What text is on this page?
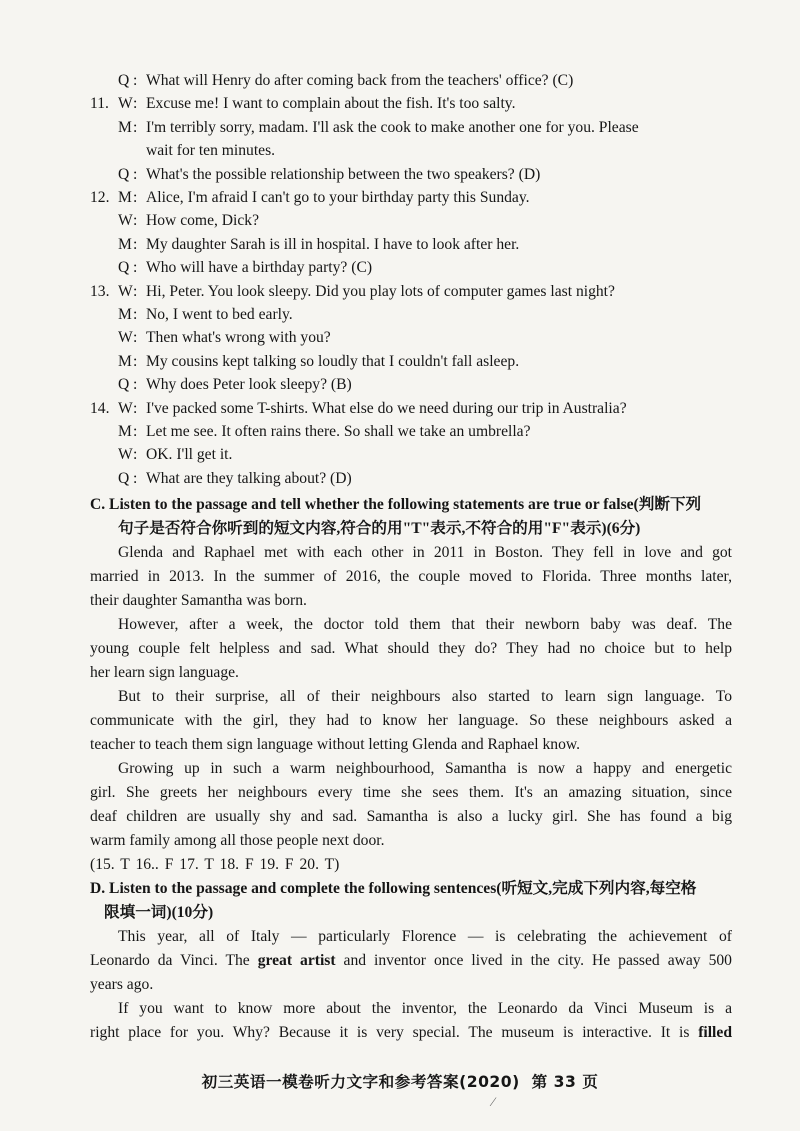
Q : What will Henry do after coming back from the teachers' office? (C)
11. W : Excuse me! I want to complain about the fish. It's too salty.
M : I'm terribly sorry, madam. I'll ask the cook to make another one for you. Please
wait for ten minutes.
Q : What's the possible relationship between the two speakers? (D)
12. M : Alice, I'm afraid I can't go to your birthday party this Sunday.
W : How come, Dick?
M : My daughter Sarah is ill in hospital. I have to look after her.
Q : Who will have a birthday party? (C)
13. W : Hi, Peter. You look sleepy. Did you play lots of computer games last night?
M : No, I went to bed early.
W : Then what's wrong with you?
M : My cousins kept talking so loudly that I couldn't fall asleep.
Q : Why does Peter look sleepy? (B)
14. W : I've packed some T-shirts. What else do we need during our trip in Australia?
M : Let me see. It often rains there. So shall we take an umbrella?
W : OK. I'll get it.
Q : What are they talking about? (D)
C. Listen to the passage and tell whether the following statements are true or false(判断下列
句子是否符合你听到的短文内容,符合的用"T"表示,不符合的用"F"表示)(6分)
Glenda and Raphael met with each other in 2011 in Boston. They fell in love and got
married in 2013. In the summer of 2016, the couple moved to Florida. Three months later,
their daughter Samantha was born.
However, after a week, the doctor told them that their newborn baby was deaf. The
young couple felt helpless and sad. What should they do? They had no choice but to help
her learn sign language.
But to their surprise, all of their neighbours also started to learn sign language. To
communicate with the girl, they had to know her language. So these neighbours asked a
teacher to teach them sign language without letting Glenda and Raphael know.
Growing up in such a warm neighbourhood, Samantha is now a happy and energetic
girl. She greets her neighbours every time she sees them. It's an amazing situation, since
deaf children are usually shy and sad. Samantha is also a lucky girl. She has found a big
warm family among all those people next door.
(15. T 16.. F 17. T 18. F 19. F 20. T)
D. Listen to the passage and complete the following sentences(听短文,完成下列内容,每空格
限填一词)(10分)
This year, all of Italy — particularly Florence — is celebrating the achievement of
Leonardo da Vinci. The great artist and inventor once lived in the city. He passed away 500
years ago.
If you want to know more about the inventor, the Leonardo da Vinci Museum is a
right place for you. Why? Because it is very special. The museum is interactive. It is filled
初三英语一模卷听力文字和参考答案(2020) 第 33 页
⁄
